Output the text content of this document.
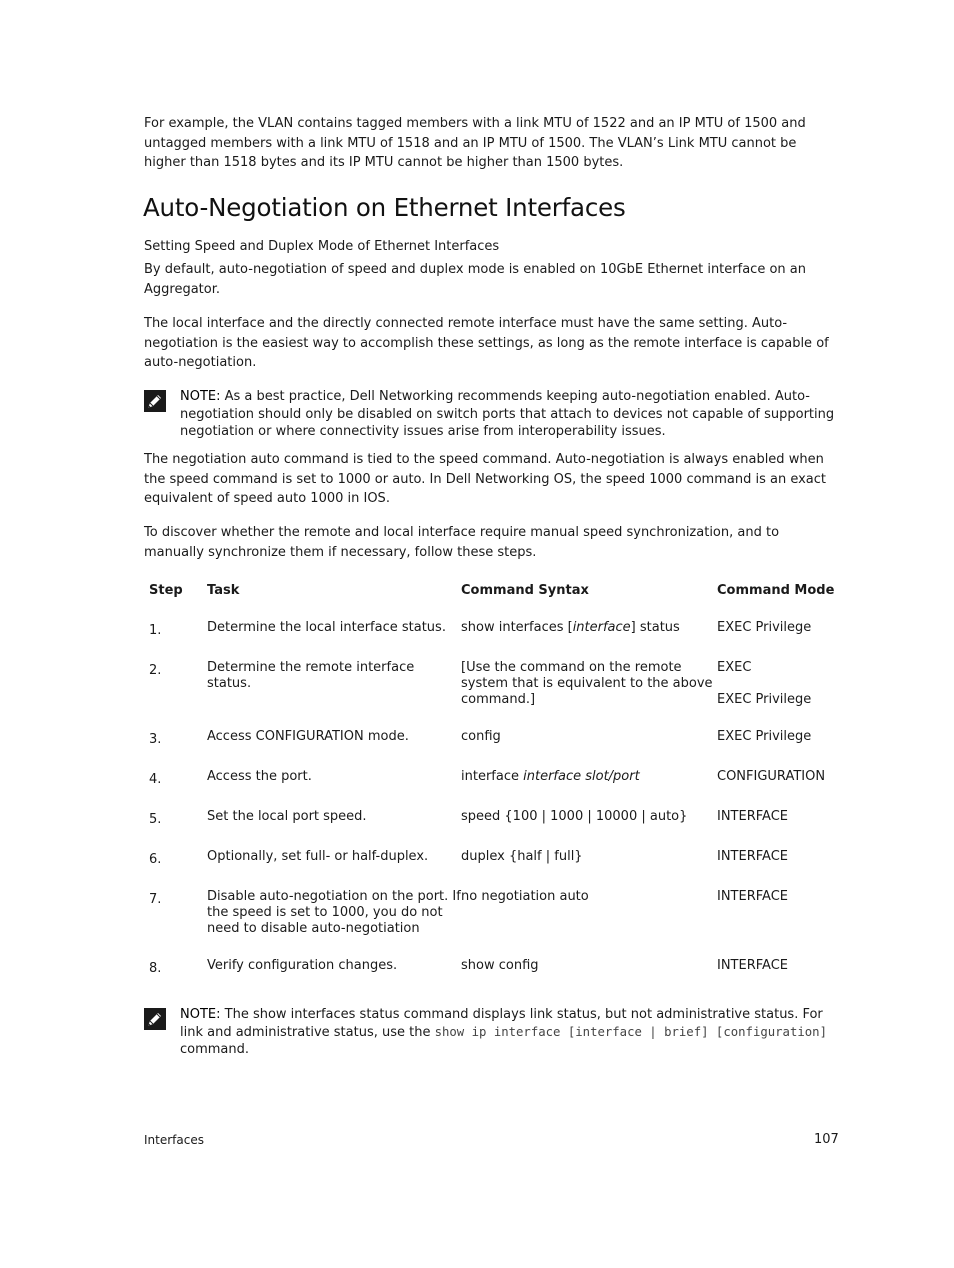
For example, the VLAN contains tagged members with a link MTU of 1522 and an IP MTU of 1500 and untagged members with a link MTU of 1518 and an IP MTU of 1500. The VLAN’s Link MTU cannot be higher than 1518 bytes and its IP MTU cannot be higher than 1500 bytes.

Auto-Negotiation on Ethernet Interfaces

Setting Speed and Duplex Mode of Ethernet Interfaces

By default, auto-negotiation of speed and duplex mode is enabled on 10GbE Ethernet interface on an Aggregator.

The local interface and the directly connected remote interface must have the same setting. Auto-negotiation is the easiest way to accomplish these settings, as long as the remote interface is capable of auto-negotiation.

NOTE: As a best practice, Dell Networking recommends keeping auto-negotiation enabled. Auto-negotiation should only be disabled on switch ports that attach to devices not capable of supporting negotiation or where connectivity issues arise from interoperability issues.

The negotiation auto command is tied to the speed command. Auto-negotiation is always enabled when the speed command is set to 1000 or auto. In Dell Networking OS, the speed 1000 command is an exact equivalent of speed auto 1000 in IOS.

To discover whether the remote and local interface require manual speed synchronization, and to manually synchronize them if necessary, follow these steps.

Step	Task	Command Syntax	Command Mode
1.	Determine the local interface status.	show interfaces [interface] status	EXEC Privilege
2.	Determine the remote interface status.	[Use the command on the remote system that is equivalent to the above command.]	EXEC
EXEC Privilege

3.	Access CONFIGURATION mode.	config	EXEC Privilege
4.	Access the port.	interface interface slot/port	CONFIGURATION
5.	Set the local port speed.	speed {100 | 1000 | 10000 | auto}	INTERFACE
6.	Optionally, set full- or half-duplex.	duplex {half | full}	INTERFACE
7.	Disable auto-negotiation on the port. If the speed is set to 1000, you do not need to disable auto-negotiation	no negotiation auto	INTERFACE
8.	Verify configuration changes.	show config	INTERFACE
NOTE: The show interfaces status command displays link status, but not administrative status. For link and administrative status, use the show ip interface [interface | brief] [configuration] command.
Interfaces	107
